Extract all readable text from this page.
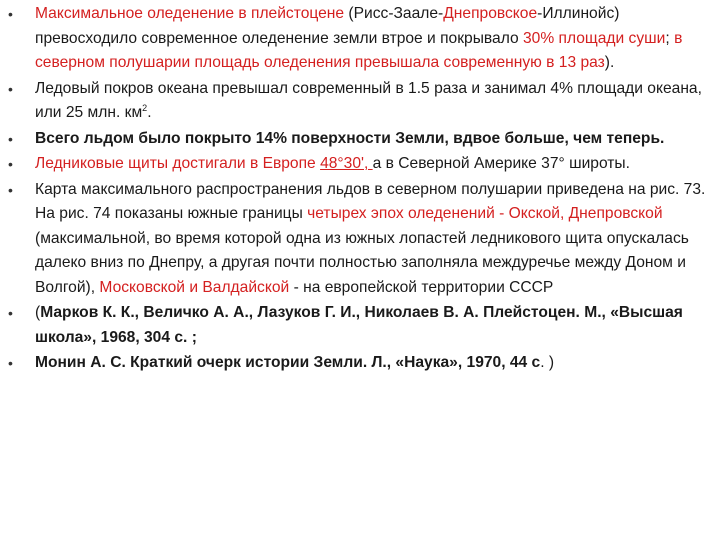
• Максимальное оледенение в плейстоцене (Рисс-Заале-Днепровское-Иллинойс) превосходило современное оледенение земли втрое и покрывало 30% площади суши; в северном полушарии площадь оледенения превышала современную в 13 раз).
• Ледовый покров океана превышал современный в 1.5 раза и занимал 4% площади океана, или 25 млн. $км^2$.
• Всего льдом было покрыто 14% поверхности Земли, вдвое больше, чем теперь.
• Ледниковые щиты достигали в Европе 48°30', а в Северной Америке 37° широты.
• Карта максимального распространения льдов в северном полушарии приведена на рис. 73. На рис. 74 показаны южные границы четырех эпох оледенений - Окской, Днепровской (максимальной, во время которой одна из южных лопастей ледникового щита опускалась далеко вниз по Днепру, а другая почти полностью заполняла междуречье между Доном и Волгой), Московской и Валдайской - на европейской территории СССР
• (Марков К. К., Величко А. А., Лазуков Г. И., Николаев В. А. Плейстоцен. М., «Высшая школа», 1968, 304 с. ;
• Монин А. С. Краткий очерк истории Земли. Л., «Наука», 1970, 44 с. )
